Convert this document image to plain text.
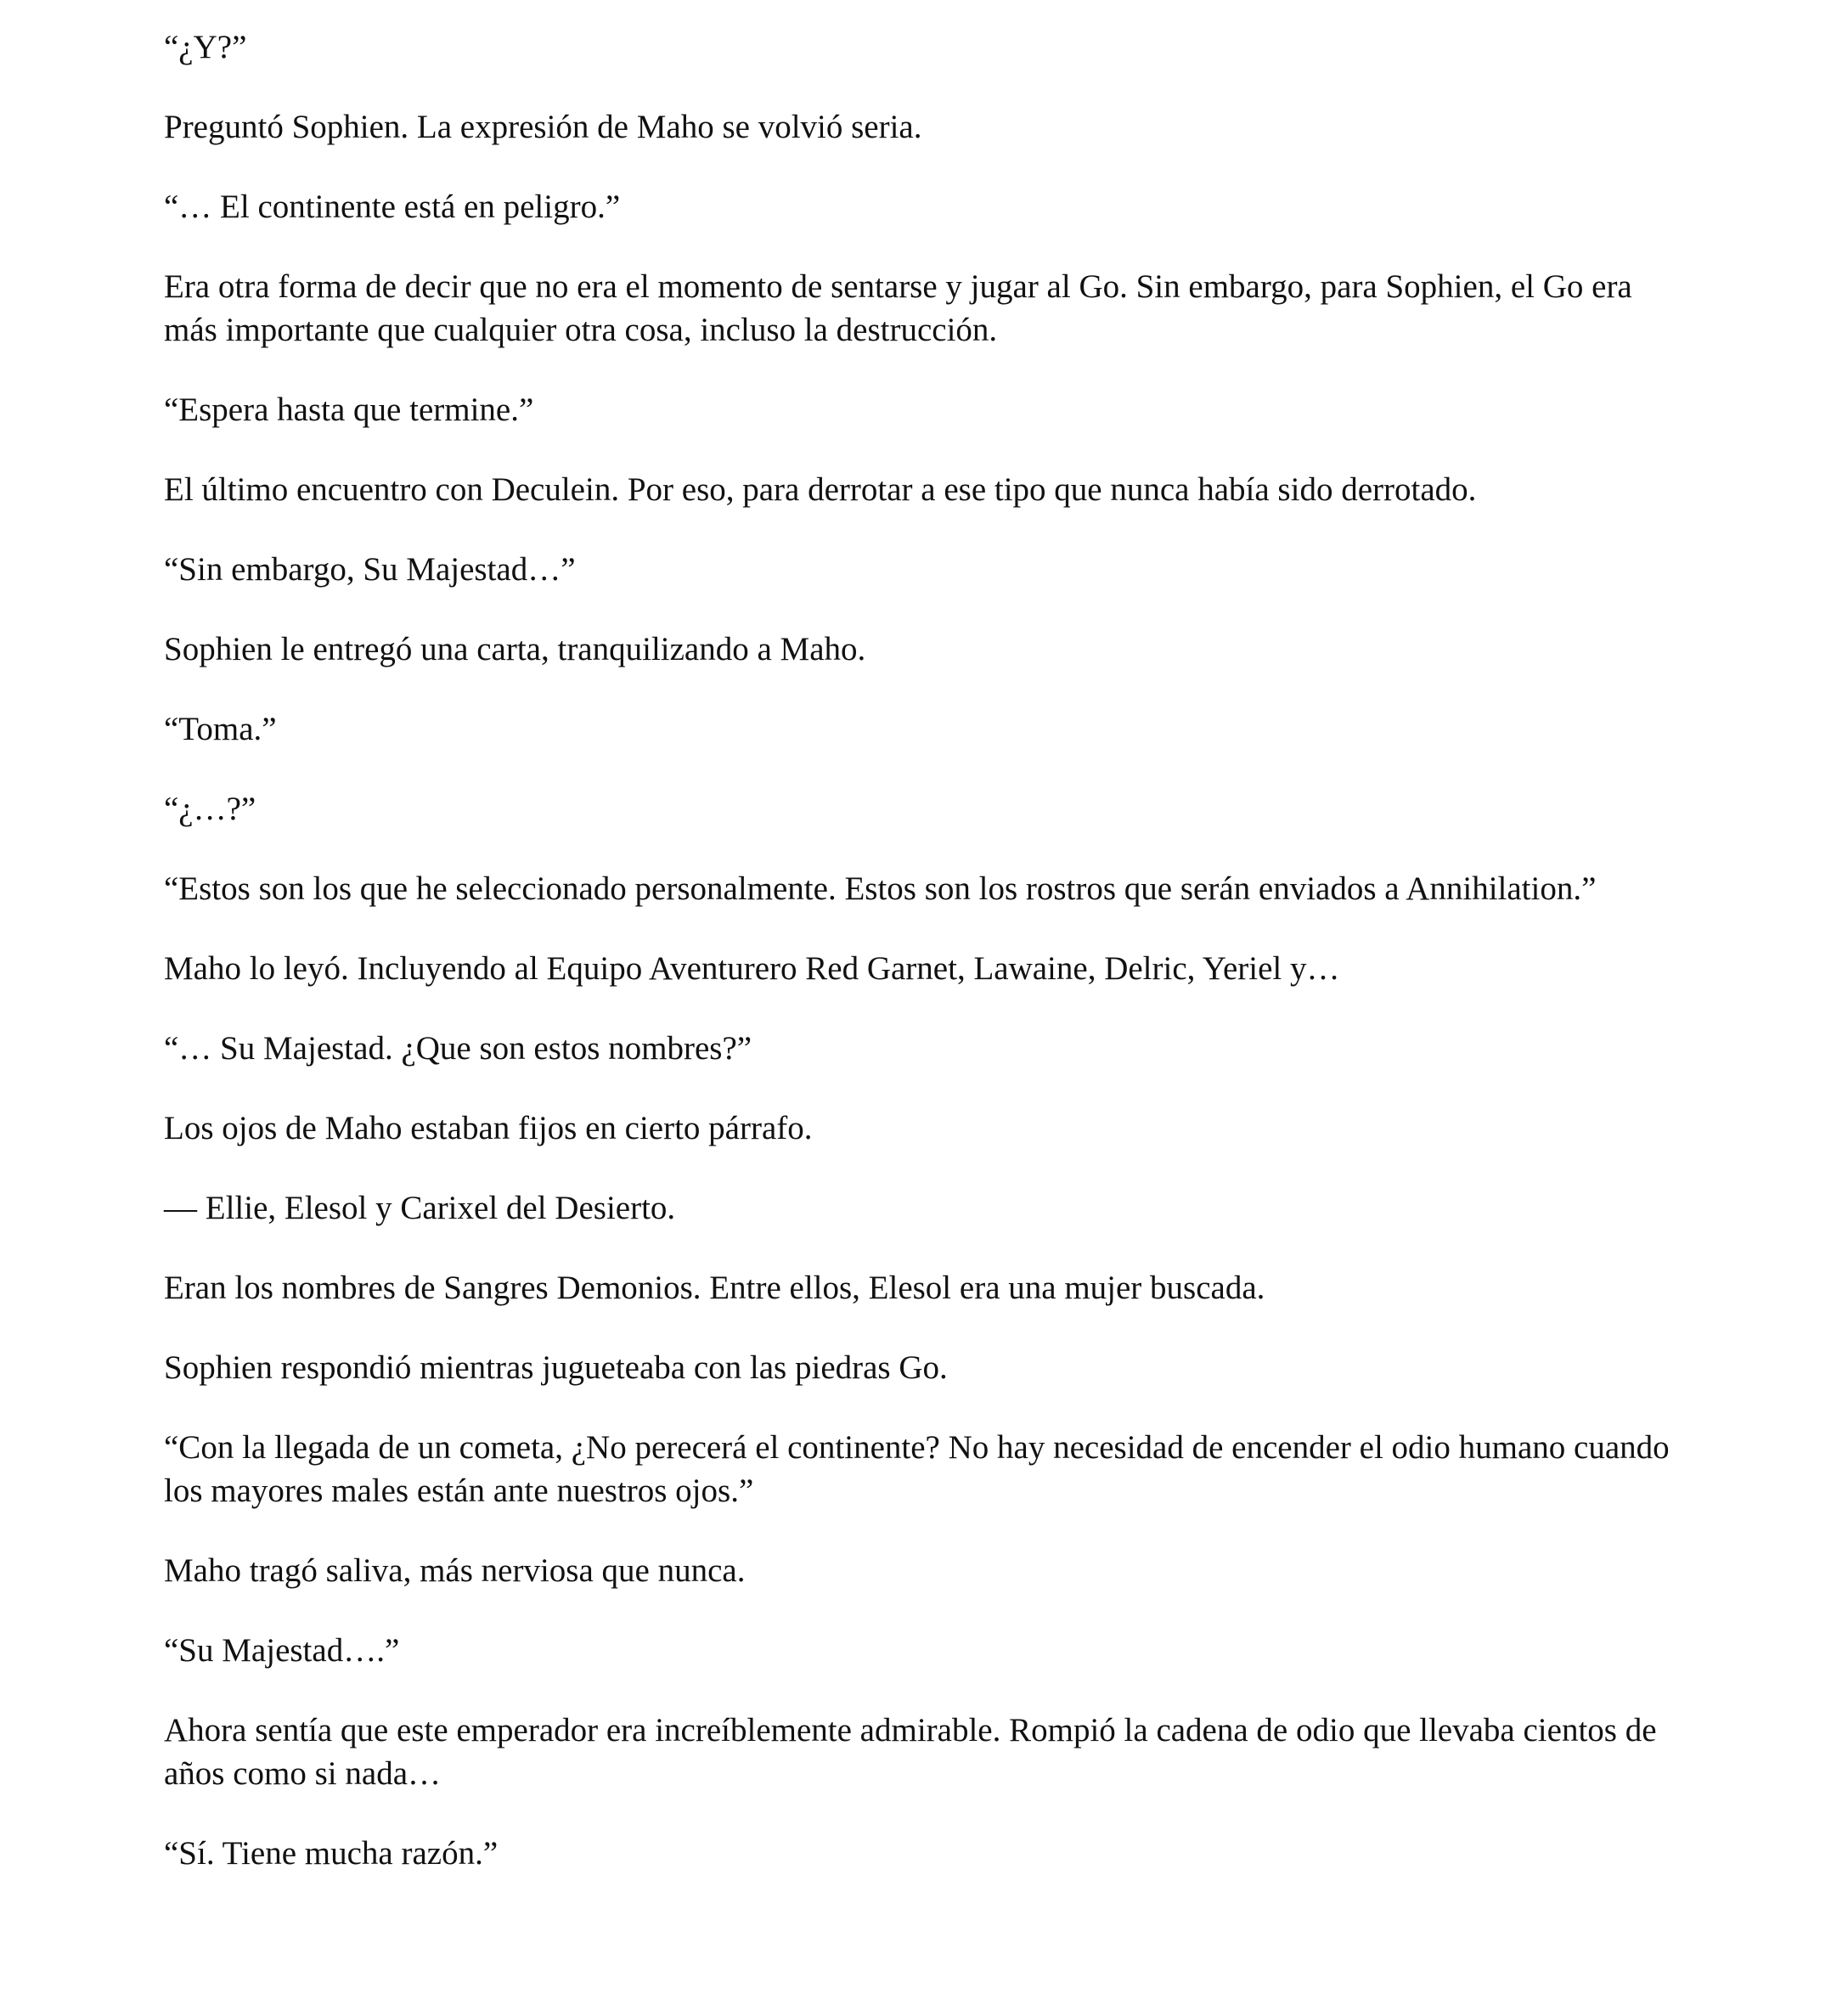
“¿Y?”

Preguntó Sophien. La expresión de Maho se volvió seria.

“… El continente está en peligro.”

Era otra forma de decir que no era el momento de sentarse y jugar al Go. Sin embargo, para Sophien, el Go era más importante que cualquier otra cosa, incluso la destrucción.

“Espera hasta que termine.”

El último encuentro con Deculein. Por eso, para derrotar a ese tipo que nunca había sido derrotado.

“Sin embargo, Su Majestad…”

Sophien le entregó una carta, tranquilizando a Maho.

“Toma.”

“¿…?”

“Estos son los que he seleccionado personalmente. Estos son los rostros que serán enviados a Annihilation.”

Maho lo leyó. Incluyendo al Equipo Aventurero Red Garnet, Lawaine, Delric, Yeriel y…

“… Su Majestad. ¿Que son estos nombres?”

Los ojos de Maho estaban fijos en cierto párrafo.

— Ellie, Elesol y Carixel del Desierto.

Eran los nombres de Sangres Demonios. Entre ellos, Elesol era una mujer buscada.

Sophien respondió mientras jugueteaba con las piedras Go.

“Con la llegada de un cometa, ¿No perecerá el continente? No hay necesidad de encender el odio humano cuando los mayores males están ante nuestros ojos.”

Maho tragó saliva, más nerviosa que nunca.

“Su Majestad….”

Ahora sentía que este emperador era increíblemente admirable. Rompió la cadena de odio que llevaba cientos de años como si nada…

“Sí. Tiene mucha razón.”
